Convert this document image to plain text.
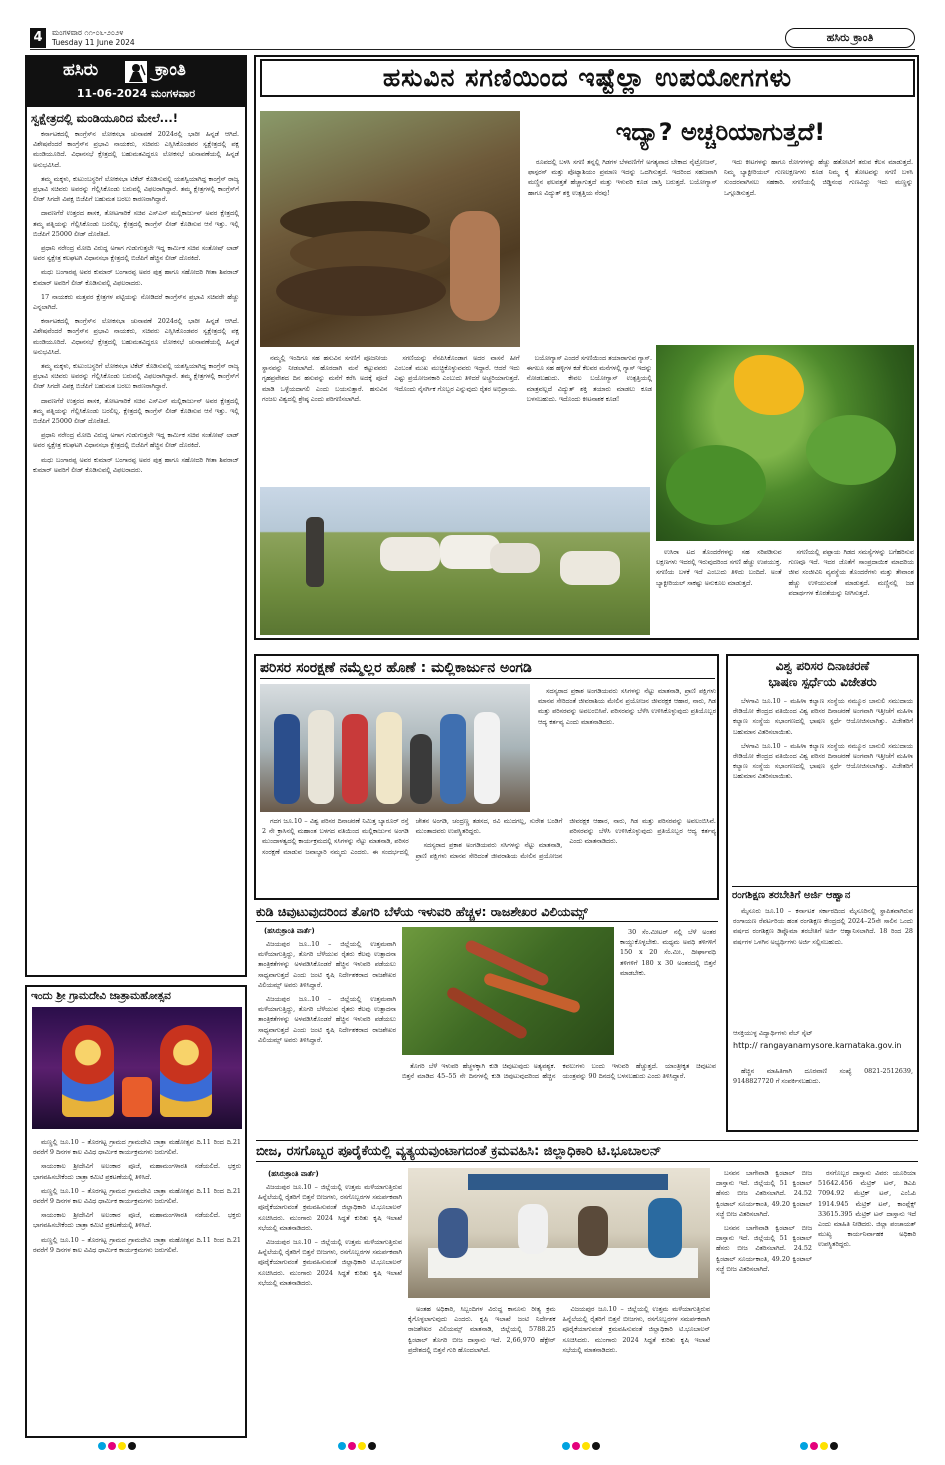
4	ಮಂಗಳವಾರ ೧೧-೦೬-೨೦೨೪
Tuesday 11 June 2024	ಹಸಿರು ಕ್ರಾಂತಿ
ಹಸಿರು	ಕ್ರಾಂತಿ
11-06-2024 ಮಂಗಳವಾರ
ಸ್ವಕ್ಷೇತ್ರದಲ್ಲಿ ಮಂಡಿಯೂರಿದ ಮೇಲೆ...!

ಕರ್ನಾಟಕದಲ್ಲಿ ಕಾಂಗ್ರೆಸ್‌ನ ಲೋಕಸಭಾ ಚುನಾವಣೆ 2024ರಲ್ಲಿ ಭಾರೀ ಹಿನ್ನಡೆ ಆಗಿದೆ. ವಿಶೇಷವೆಂದರೆ ಕಾಂಗ್ರೆಸ್‌ನ ಪ್ರಭಾವಿ ನಾಯಕರು, ಸಚಿವರು ಎಸ್ಸಿಸಿಕೊಂಡವರ ಸ್ವಕ್ಷೇತ್ರದಲ್ಲಿ ಪಕ್ಷ ಮಂಡಿಯೂರಿದೆ. ವಿಧಾನಸಭೆ ಕ್ಷೇತ್ರದಲ್ಲಿ ಬಹುಮತವಿದ್ದರೂ ಲೋಕಸಭೆ ಚುನಾವಣೆಯಲ್ಲಿ ಹಿನ್ನಡೆ ಅನುಭವಿಸಿದೆ.

ತಮ್ಮ ಮಕ್ಕಳು, ಕುಟುಂಬಸ್ಥರಿಗೆ ಲೋಕಸಭಾ ಟಿಕೆಟ್ ಕೊಡಿಸುವಲ್ಲಿ ಯಶಸ್ವಿಯಾಗಿದ್ದ ಕಾಂಗ್ರೆಸ್ ರಾಜ್ಯ ಪ್ರಭಾವಿ ಸಚಿವರು ಅವರನ್ನು ಗೆಲ್ಲಿಸಿಕೊಂಡು ಬರುವಲ್ಲಿ ವಿಫಲರಾಗಿದ್ದಾರೆ. ತಮ್ಮ ಕ್ಷೇತ್ರಗಳಲ್ಲಿ ಕಾಂಗ್ರೆಸ್‌ಗೆ ಲೀಡ್ ಸಿಗದೇ ವಿಪಕ್ಷ ಬಿಜೆಪಿಗೆ ಬಹುಮತ ಬರಲು ಕಾರಣರಾಗಿದ್ದಾರೆ.

ದಾವಣಗೆರೆ ಉತ್ತರದ ಶಾಸಕ, ತೋಟಗಾರಿಕೆ ಸಚಿವ ಎಸ್‌ಎಸ್ ಮಲ್ಲಿಕಾರ್ಜುನ್ ಅವರ ಕ್ಷೇತ್ರದಲ್ಲಿ ತಮ್ಮ ಪತ್ನಿಯನ್ನು ಗೆಲ್ಲಿಸಿಕೊಂಡು ಬರಲಿಲ್ಲ. ಕ್ಷೇತ್ರದಲ್ಲಿ ಕಾಂಗ್ರೆಸ್ ಲೀಡ್ ಕೊಡಿಸುವ ಆಸೆ ಇತ್ತು. ಇಲ್ಲಿ ಬಿಜೆಪಿಗೆ 25000 ಲೀಡ್ ದೊರೆತಿದೆ.

ಪ್ರಧಾನಿ ನರೇಂದ್ರ ಮೋದಿ ವಿರುದ್ಧ ಅಗಾಗ ಗುಡುಗುತ್ತಲೇ ಇದ್ದ ಕಾರ್ಮಿಕ ಸಚಿವ ಸಂತೋಷ್ ಲಾಡ್ ಅವರ ಸ್ವಕ್ಷೇತ್ರ ಕಲಘಟಗಿ ವಿಧಾನಸಭಾ ಕ್ಷೇತ್ರದಲ್ಲಿ ಬಿಜೆಪಿಗೆ ಹೆಚ್ಚಿನ ಲೀಡ್ ದೊರಕಿದೆ.

ಮಧು ಬಂಗಾರಪ್ಪ ಅವರ ಕುಮಾರ್ ಬಂಗಾರಪ್ಪ ಅವರ ಪುತ್ರ ಹಾಗೂ ಸಹೋದರಿ ಗೀತಾ ಶಿವರಾಜ್ ಕುಮಾರ್ ಅವರಿಗೆ ಲೀಡ್ ಕೊಡಿಸುವಲ್ಲಿ ವಿಫಲರಾದರು.

17 ನಾಯಕರು ಮತ್ತವರ ಕ್ಷೇತ್ರಗಳ ಪಟ್ಟಿಯನ್ನು ನೋಡಿದರೆ ಕಾಂಗ್ರೆಸ್‌ನ ಪ್ರಭಾವಿ ಸಚಿವರೇ ಹೆಚ್ಚು ಎನ್ನಲಾಗಿದೆ.

ಕರ್ನಾಟಕದಲ್ಲಿ ಕಾಂಗ್ರೆಸ್‌ನ ಲೋಕಸಭಾ ಚುನಾವಣೆ 2024ರಲ್ಲಿ ಭಾರೀ ಹಿನ್ನಡೆ ಆಗಿದೆ. ವಿಶೇಷವೆಂದರೆ ಕಾಂಗ್ರೆಸ್‌ನ ಪ್ರಭಾವಿ ನಾಯಕರು, ಸಚಿವರು ಎಸ್ಸಿಸಿಕೊಂಡವರ ಸ್ವಕ್ಷೇತ್ರದಲ್ಲಿ ಪಕ್ಷ ಮಂಡಿಯೂರಿದೆ. ವಿಧಾನಸಭೆ ಕ್ಷೇತ್ರದಲ್ಲಿ ಬಹುಮತವಿದ್ದರೂ ಲೋಕಸಭೆ ಚುನಾವಣೆಯಲ್ಲಿ ಹಿನ್ನಡೆ ಅನುಭವಿಸಿದೆ.

ತಮ್ಮ ಮಕ್ಕಳು, ಕುಟುಂಬಸ್ಥರಿಗೆ ಲೋಕಸಭಾ ಟಿಕೆಟ್ ಕೊಡಿಸುವಲ್ಲಿ ಯಶಸ್ವಿಯಾಗಿದ್ದ ಕಾಂಗ್ರೆಸ್ ರಾಜ್ಯ ಪ್ರಭಾವಿ ಸಚಿವರು ಅವರನ್ನು ಗೆಲ್ಲಿಸಿಕೊಂಡು ಬರುವಲ್ಲಿ ವಿಫಲರಾಗಿದ್ದಾರೆ. ತಮ್ಮ ಕ್ಷೇತ್ರಗಳಲ್ಲಿ ಕಾಂಗ್ರೆಸ್‌ಗೆ ಲೀಡ್ ಸಿಗದೇ ವಿಪಕ್ಷ ಬಿಜೆಪಿಗೆ ಬಹುಮತ ಬರಲು ಕಾರಣರಾಗಿದ್ದಾರೆ.

ದಾವಣಗೆರೆ ಉತ್ತರದ ಶಾಸಕ, ತೋಟಗಾರಿಕೆ ಸಚಿವ ಎಸ್‌ಎಸ್ ಮಲ್ಲಿಕಾರ್ಜುನ್ ಅವರ ಕ್ಷೇತ್ರದಲ್ಲಿ ತಮ್ಮ ಪತ್ನಿಯನ್ನು ಗೆಲ್ಲಿಸಿಕೊಂಡು ಬರಲಿಲ್ಲ. ಕ್ಷೇತ್ರದಲ್ಲಿ ಕಾಂಗ್ರೆಸ್ ಲೀಡ್ ಕೊಡಿಸುವ ಆಸೆ ಇತ್ತು. ಇಲ್ಲಿ ಬಿಜೆಪಿಗೆ 25000 ಲೀಡ್ ದೊರೆತಿದೆ.

ಪ್ರಧಾನಿ ನರೇಂದ್ರ ಮೋದಿ ವಿರುದ್ಧ ಅಗಾಗ ಗುಡುಗುತ್ತಲೇ ಇದ್ದ ಕಾರ್ಮಿಕ ಸಚಿವ ಸಂತೋಷ್ ಲಾಡ್ ಅವರ ಸ್ವಕ್ಷೇತ್ರ ಕಲಘಟಗಿ ವಿಧಾನಸಭಾ ಕ್ಷೇತ್ರದಲ್ಲಿ ಬಿಜೆಪಿಗೆ ಹೆಚ್ಚಿನ ಲೀಡ್ ದೊರಕಿದೆ.

ಮಧು ಬಂಗಾರಪ್ಪ ಅವರ ಕುಮಾರ್ ಬಂಗಾರಪ್ಪ ಅವರ ಪುತ್ರ ಹಾಗೂ ಸಹೋದರಿ ಗೀತಾ ಶಿವರಾಜ್ ಕುಮಾರ್ ಅವರಿಗೆ ಲೀಡ್ ಕೊಡಿಸುವಲ್ಲಿ ವಿಫಲರಾದರು.

ಇಂದು ಶ್ರೀ ಗ್ರಾಮದೇವಿ ಜಾತ್ರಾಮಹೋತ್ಸವ

ಮಣ್ಣಲ್ಲಿ ಜೂ.10 – ತೊರಗಟ್ಟ ಗ್ರಾಮದ ಗ್ರಾಮದೇವಿ ಜಾತ್ರಾ ಮಹೋತ್ಸವ ದಿ.11 ರಿಂದ ದಿ.21 ರವರೆಗೆ 9 ದಿನಗಳ ಕಾಲ ವಿವಿಧ ಧಾರ್ಮಿಕ ಕಾರ್ಯಕ್ರಮಗಳು ಜರುಗಲಿವೆ.

ಸಾಯಂಕಾಲ ಶ್ರೀದೇವಿಗೆ ಅಲಂಕಾರ ಪೂಜೆ, ಮಹಾಮಂಗಳಾರತಿ ನಡೆಯಲಿದೆ. ಭಕ್ತರು ಭಾಗವಹಿಸಬೇಕೆಂದು ಜಾತ್ರಾ ಕಮಿಟಿ ಪ್ರಕಟಣೆಯಲ್ಲಿ ತಿಳಿಸಿದೆ.

ಮಣ್ಣಲ್ಲಿ ಜೂ.10 – ತೊರಗಟ್ಟ ಗ್ರಾಮದ ಗ್ರಾಮದೇವಿ ಜಾತ್ರಾ ಮಹೋತ್ಸವ ದಿ.11 ರಿಂದ ದಿ.21 ರವರೆಗೆ 9 ದಿನಗಳ ಕಾಲ ವಿವಿಧ ಧಾರ್ಮಿಕ ಕಾರ್ಯಕ್ರಮಗಳು ಜರುಗಲಿವೆ.

ಸಾಯಂಕಾಲ ಶ್ರೀದೇವಿಗೆ ಅಲಂಕಾರ ಪೂಜೆ, ಮಹಾಮಂಗಳಾರತಿ ನಡೆಯಲಿದೆ. ಭಕ್ತರು ಭಾಗವಹಿಸಬೇಕೆಂದು ಜಾತ್ರಾ ಕಮಿಟಿ ಪ್ರಕಟಣೆಯಲ್ಲಿ ತಿಳಿಸಿದೆ.

ಮಣ್ಣಲ್ಲಿ ಜೂ.10 – ತೊರಗಟ್ಟ ಗ್ರಾಮದ ಗ್ರಾಮದೇವಿ ಜಾತ್ರಾ ಮಹೋತ್ಸವ ದಿ.11 ರಿಂದ ದಿ.21 ರವರೆಗೆ 9 ದಿನಗಳ ಕಾಲ ವಿವಿಧ ಧಾರ್ಮಿಕ ಕಾರ್ಯಕ್ರಮಗಳು ಜರುಗಲಿವೆ.

ಹಸುವಿನ ಸಗಣಿಯಿಂದ ಇಷ್ಟೆಲ್ಲಾ ಉಪಯೋಗಗಳು
ಇದ್ಯಾ? ಅಚ್ಚರಿಯಾಗುತ್ತದೆ!

ರೂಪದಲ್ಲಿ ಬಳಸಿ ಸಗಣಿ ತನ್ನಲ್ಲಿ ಗಿಡಗಳ ಬೆಳವಣಿಗೆಗೆ ಅಗತ್ಯವಾದ ಬೇಕಾದ ನೈಟ್ರೋಜನ್, ಫಾಸ್ಫರಸ್ ಮತ್ತು ಪೊಟ್ಯಾಶಿಯಂ ಪ್ರಮಾಣ ಇದನ್ನು ಒದಗಿಸುತ್ತದೆ. ಇದರಿಂದ ಸಹಜವಾಗಿ ಮಣ್ಣಿನ ಫಲವತ್ತತೆ ಹೆಚ್ಚಾಗುತ್ತದೆ ಮತ್ತು ಇಳುವರಿ ಕೂಡ ಜಾಸ್ತಿ ಬರುತ್ತದೆ. ಬಯೋಗ್ಯಾಸ್ ಹಾಗೂ ವಿದ್ಯುತ್ ಶಕ್ತಿ ಉತ್ಪತ್ತಿಯ ನೆರವು!

ಇದು ಕೀಟಗಳನ್ನು ಹಾಗೂ ರೋಗಗಳನ್ನು ಹೆಚ್ಚು ಹತೋಟಿಗೆ ತರುವ ಕೆಲಸ ಮಾಡುತ್ತದೆ. ನಿಮ್ಮ ಬ್ಯಾಕ್ಟೀರಿಯಲ್ ಗುಣಲಕ್ಷಣಗಳು ಕೂಡ ನಿಮ್ಮ ಕೈ ತೋಟವನ್ನು ಸಗಣಿ ಬಳಸಿ ಸುಂದರವಾಗಿಸಲು ಸಹಕಾರಿ. ಸಗಣಿಯಲ್ಲಿ ಜಿಡ್ಡಿನಂಥ ಗುಣವಿದ್ದು ಇದು ಮಣ್ಣನ್ನು ಒಗ್ಗೂಡಿಸುತ್ತದೆ.

ನಮ್ಮಲ್ಲಿ ಇಂದಿಗೂ ಸಹ ಹಸುವಿನ ಸಗಣಿಗೆ ಪೂಜನೀಯ ಸ್ಥಾನವನ್ನು ನೀಡಲಾಗಿದೆ. ಹೊರದಾಗಿ ಮನೆ ಕಟ್ಟುವವರು ಗೃಹಪ್ರವೇಶದ ದಿನ ಹಸುವನ್ನು ಮನೆಗೆ ಕರೆಸಿ ಅದಕ್ಕೆ ಪೂಜೆ ಮಾಡಿ ಒಳ್ಳೆಯದಾಗಲಿ ಎಂದು ಬಯಸುತ್ತಾರೆ. ಹಸುವಿನ ಗಂಜಲ ವಿಶ್ವದಲ್ಲಿ ಶ್ರೇಷ್ಠ ಎಂದು ಪರಿಗಣಿಸಲಾಗಿದೆ.

ಸಗಣಿಯನ್ನು ನೆನಪಿಸಿಕೊಂಡಾಗ ಅದರ ವಾಸನೆ ಹೀಗೆ ಎಂಬಂತೆ ಮುಖ ಮುಚ್ಚಿಕೊಳ್ಳುವವರು ಇದ್ದಾರೆ. ಆದರೆ ಇದು ಎಷ್ಟು ಪ್ರಯೋಜನಕಾರಿ ಎಂಬುದು ತಿಳಿದರೆ ಅಚ್ಚರಿಯಾಗುತ್ತದೆ. ಇದೊಂದು ನೈಸರ್ಗಿಕ ಗೊಬ್ಬರ ಎನ್ನುವುದು ರೈತರ ಅಭಿಪ್ರಾಯ.

ಬಯೋಗ್ಯಾಸ್ ಎಂದರೆ ಸಗಣಿಯಿಂದ ತಯಾರಾಗುವ ಗ್ಯಾಸ್. ಈಗಲೂ ಸಹ ಹಳ್ಳಿಗಳ ಕಡೆ ಕೆಲವರ ಮನೆಗಳಲ್ಲಿ ಗ್ಯಾಸ್ ಇದನ್ನು ನೋಡಬಹುದು. ಕೇವಲ ಬಯೋಗ್ಯಾಸ್ ಉತ್ಪತ್ತಿಯಲ್ಲಿ ಮಾತ್ರವಲ್ಲದೆ ವಿದ್ಯುತ್ ಶಕ್ತಿ ತಯಾರು ಮಾಡಲು ಕೂಡ ಬಳಸಬಹುದು. ಇದೊಂದು ಕೀಟನಾಶಕ ಕೂಡ!

ಉಸಿರಾ ಟದ ತೊಂದರೆಗಳನ್ನು ಸಹ ಸರಿಪಡಿಸುವ ಲಕ್ಷಣಗಳು ಇದರಲ್ಲಿ ಇರುವುದರಿಂದ ಸಗಣಿ ಹೆಚ್ಚು ಉಪಯುಕ್ತ. ಸಗಣಿಯ ಬಳಕೆ ಇದೆ ಎಂಬುದು ತಿಳಿದು ಬಂದಿದೆ. ಅಂತೆ ಬ್ಯಾಕ್ಟೀರಿಯಲ್ ಸಾಕಷ್ಟು ಅನುಕೂಲ ಮಾಡುತ್ತದೆ.

ಸಗಣಿಯಲ್ಲಿ ಪಪ್ಪಾಯ ಗಿಡದ ಸಮಸ್ಯೆಗಳನ್ನು ಬಗೆಹರಿಸುವ ಗುಣವೂ ಇದೆ. ಇದರ ಜೊತೆಗೆ ಸಾಂಪ್ರದಾಯಿಕ ಮಾದರಿಯ ಜೀವ ಸಂಜೀವಿನಿ ವ್ಯವಸ್ಥೆಯ ತೊಂದರೆಗಳು ಮತ್ತು ತೇವಾಂಶ ಹೆಚ್ಚು ಉಳಿಯುವಂತೆ ಮಾಡುತ್ತದೆ. ಮಣ್ಣಿನಲ್ಲಿ ಜಡ ಪದಾರ್ಥಗಳ ಕೊರತೆಯನ್ನು ನೀಗಿಸುತ್ತದೆ.

ಪರಿಸರ ಸಂರಕ್ಷಣೆ ನಮ್ಮೆಲ್ಲರ ಹೊಣೆ : ಮಲ್ಲಿಕಾರ್ಜುನ ಅಂಗಡಿ

ಸದಸ್ಯರಾದ ಪ್ರಕಾಶ ಅಂಗಡಿಯವರು ಸಸಿಗಳನ್ನು ನೆಟ್ಟು ಮಾತನಾಡಿ, ಪ್ರಾಣಿ ಪಕ್ಷಿಗಳು ಮಾನವ ಸೇರಿದಂತೆ ಜೀವರಾಶಿಯ ಮೇಲಿನ ಪ್ರಯೋಜನ ಜೀವರಕ್ಷಕ ಆಹಾರ, ನಾರು, ಗಿಡ ಮತ್ತು ಪರಿಸರವನ್ನು ಅವಲಂಬಿಸಿವೆ. ಪರಿಸರವನ್ನು ಬೆಳೆಸಿ ಉಳಿಸಿಕೊಳ್ಳುವುದು ಪ್ರತಿಯೊಬ್ಬರ ಆದ್ಯ ಕರ್ತವ್ಯ ಎಂದು ಮಾತನಾಡಿದರು.

ಗದಗ ಜೂ.10 – ವಿಶ್ವ ಪರಿಸರ ದಿನಾಚರಣೆ ನಿಮಿತ್ತ ಬ್ಯಾರೂರ್ ರಸ್ತೆ 2 ನೇ ಕ್ರಾಸಿನಲ್ಲಿ ಮಹಾಂತ ಬಳಗದ ವತಿಯಿಂದ ಮಲ್ಲಿಕಾರ್ಜುನ ಅಂಗಡಿ ಮುಂದಾಳತ್ವದಲ್ಲಿ ಕಾರ್ಯಕ್ರಮದಲ್ಲಿ ಸಸಿಗಳನ್ನು ನೆಟ್ಟು ಮಾತನಾಡಿ, ಪರಿಸರ ಸಂರಕ್ಷಣೆ ಮಾಡುವ ಜವಾಬ್ದಾರಿ ನಮ್ಮದು ಎಂದರು. ಈ ಸಂದರ್ಭದಲ್ಲಿ ಚೇತನ ಅಂಗಡಿ, ಚಂದ್ರಣ್ಣ ತಡಸದ, ರವಿ ಮುದಗಲ್ಲ, ಸುರೇಶ ಬಂಡಿಗೆ ಮುಂತಾದವರು ಉಪಸ್ಥಿತರಿದ್ದರು.

ಸದಸ್ಯರಾದ ಪ್ರಕಾಶ ಅಂಗಡಿಯವರು ಸಸಿಗಳನ್ನು ನೆಟ್ಟು ಮಾತನಾಡಿ, ಪ್ರಾಣಿ ಪಕ್ಷಿಗಳು ಮಾನವ ಸೇರಿದಂತೆ ಜೀವರಾಶಿಯ ಮೇಲಿನ ಪ್ರಯೋಜನ ಜೀವರಕ್ಷಕ ಆಹಾರ, ನಾರು, ಗಿಡ ಮತ್ತು ಪರಿಸರವನ್ನು ಅವಲಂಬಿಸಿವೆ. ಪರಿಸರವನ್ನು ಬೆಳೆಸಿ ಉಳಿಸಿಕೊಳ್ಳುವುದು ಪ್ರತಿಯೊಬ್ಬರ ಆದ್ಯ ಕರ್ತವ್ಯ ಎಂದು ಮಾತನಾಡಿದರು.

ವಿಶ್ವ ಪರಿಸರ ದಿನಾಚರಣೆ
ಭಾಷಣ ಸ್ಪರ್ಧೆಯ ವಿಜೇತರು

ಬೆಳಗಾವಿ ಜೂ.10 – ಮಹಿಳಾ ಕಲ್ಯಾಣ ಸಂಸ್ಥೆಯ ನಮ್ಮೂರ ಬಾನುಲಿ ಸಮುದಾಯ ರೇಡಿಯೋ ಕೇಂದ್ರದ ವತಿಯಿಂದ ವಿಶ್ವ ಪರಿಸರ ದಿನಾಚರಣೆ ಅಂಗವಾಗಿ ಇತ್ತೀಚೆಗೆ ಮಹಿಳಾ ಕಲ್ಯಾಣ ಸಂಸ್ಥೆಯ ಸಭಾಂಗಣದಲ್ಲಿ ಭಾಷಣ ಸ್ಪರ್ಧೆ ಆಯೋಜಿಸಲಾಗಿತ್ತು. ವಿಜೇತರಿಗೆ ಬಹುಮಾನ ವಿತರಿಸಲಾಯಿತು.

ಬೆಳಗಾವಿ ಜೂ.10 – ಮಹಿಳಾ ಕಲ್ಯಾಣ ಸಂಸ್ಥೆಯ ನಮ್ಮೂರ ಬಾನುಲಿ ಸಮುದಾಯ ರೇಡಿಯೋ ಕೇಂದ್ರದ ವತಿಯಿಂದ ವಿಶ್ವ ಪರಿಸರ ದಿನಾಚರಣೆ ಅಂಗವಾಗಿ ಇತ್ತೀಚೆಗೆ ಮಹಿಳಾ ಕಲ್ಯಾಣ ಸಂಸ್ಥೆಯ ಸಭಾಂಗಣದಲ್ಲಿ ಭಾಷಣ ಸ್ಪರ್ಧೆ ಆಯೋಜಿಸಲಾಗಿತ್ತು. ವಿಜೇತರಿಗೆ ಬಹುಮಾನ ವಿತರಿಸಲಾಯಿತು.

ರಂಗಶಿಕ್ಷಣ ತರಬೇತಿಗೆ ಅರ್ಜಿ ಆಹ್ವಾನ

ಮೈಸೂರು ಜೂ.10 – ಕರ್ನಾಟಕ ಸರ್ಕಾರದಿಂದ ಮೈಸೂರಿನಲ್ಲಿ ಸ್ಥಾಪಿತವಾಗಿರುವ ರಂಗಾಯಣ ರೆಪರ್ಟರಿಯ ಹಂತ ರಂಗಶಿಕ್ಷಣ ಕೇಂದ್ರದಲ್ಲಿ 2024–25ನೇ ಸಾಲಿನ ಒಂದು ವರ್ಷದ ರಂಗಶಿಕ್ಷಣ ಡಿಪ್ಲೊಮಾ ತರಬೇತಿಗೆ ಅರ್ಜಿ ಆಹ್ವಾನಿಸಲಾಗಿದೆ. 18 ರಿಂದ 28 ವರ್ಷಗಳ ಒಳಗಿನ ಅಭ್ಯರ್ಥಿಗಳು ಅರ್ಜಿ ಸಲ್ಲಿಸಬಹುದು.

ಆಸಕ್ತಿಯುಳ್ಳ ವಿದ್ಯಾರ್ಥಿಗಳು ವೆಬ್ ಸೈಟ್
http:// rangayanamysore.karnataka.gov.in

ಹೆಚ್ಚಿನ ಮಾಹಿತಿಗಾಗಿ ದೂರವಾಣಿ ಸಂಖ್ಯೆ 0821-2512639, 9148827720 ಗೆ ಸಂಪರ್ಕಿಸಬಹುದು.

ಕುಡಿ ಚಿವುಟುವುದರಿಂದ ತೊಗರಿ ಬೆಳೆಯ ಇಳುವರಿ ಹೆಚ್ಚಳ: ರಾಜಶೇಖರ ವಿಲಿಯಮ್ಸ್
(ಹಸಿರುಕ್ರಾಂತಿ ವಾರ್ತೆ)

ವಿಜಯಪುರ ಜೂ..10 – ಜಿಲ್ಲೆಯಲ್ಲಿ ಉತ್ತಮವಾಗಿ ಮಳೆಯಾಗುತ್ತಿದ್ದು, ತೊಗರಿ ಬೆಳೆಯುವ ರೈತರು ಕೆಲವು ಉತ್ಪಾದನಾ ತಾಂತ್ರಿಕತೆಗಳನ್ನು ಅಳವಡಿಸಿಕೊಂಡರೆ ಹೆಚ್ಚಿನ ಇಳುವರಿ ಪಡೆಯಲು ಸಾಧ್ಯವಾಗುತ್ತದೆ ಎಂದು ಜಂಟಿ ಕೃಷಿ ನಿರ್ದೇಶಕರಾದ ರಾಜಶೇಖರ ವಿಲಿಯಮ್ಸ್ ಅವರು ತಿಳಿಸಿದ್ದಾರೆ.

ವಿಜಯಪುರ ಜೂ..10 – ಜಿಲ್ಲೆಯಲ್ಲಿ ಉತ್ತಮವಾಗಿ ಮಳೆಯಾಗುತ್ತಿದ್ದು, ತೊಗರಿ ಬೆಳೆಯುವ ರೈತರು ಕೆಲವು ಉತ್ಪಾದನಾ ತಾಂತ್ರಿಕತೆಗಳನ್ನು ಅಳವಡಿಸಿಕೊಂಡರೆ ಹೆಚ್ಚಿನ ಇಳುವರಿ ಪಡೆಯಲು ಸಾಧ್ಯವಾಗುತ್ತದೆ ಎಂದು ಜಂಟಿ ಕೃಷಿ ನಿರ್ದೇಶಕರಾದ ರಾಜಶೇಖರ ವಿಲಿಯಮ್ಸ್ ಅವರು ತಿಳಿಸಿದ್ದಾರೆ.

30 ಸೆಂ.ಮೀಟರ್ ನಲ್ಲಿ ಬೆಳೆ ಅಂತರ ಕಾಯ್ದುಕೊಳ್ಳಬೇಕು. ಮಧ್ಯಮ ಅವಧಿ ತಳಿಗಳಿಗೆ 150 x 20 ಸೆಂ.ಮೀ., ದೀರ್ಘಾವಧಿ ತಳಿಗಳಿಗೆ 180 x 30 ಅಂತರದಲ್ಲಿ ಬಿತ್ತನೆ ಮಾಡಬೇಕು.

ತೊಗರಿ ಬೆಳೆ ಇಳುವರಿ ಹೆಚ್ಚಳಕ್ಕಾಗಿ ಕುಡಿ ಚಿವುಟುವುದು ಅತ್ಯವಶ್ಯಕ. ಬಿತ್ತನೆ ಮಾಡಿದ 45–55 ನೇ ದಿನಗಳಲ್ಲಿ ಕುಡಿ ಚಿವುಟುವುದರಿಂದ ಹೆಚ್ಚಿನ ಕವಲುಗಳು ಬಂದು ಇಳುವರಿ ಹೆಚ್ಚುತ್ತದೆ. ಯಾಂತ್ರೀಕೃತ ಚಿವುಟುವ ಯಂತ್ರವನ್ನು 90 ದಿನದಲ್ಲಿ ಬಳಸಬಹುದು ಎಂದು ತಿಳಿಸಿದ್ದಾರೆ.

ಬೀಜ, ರಸಗೊಬ್ಬರ ಪೂರೈಕೆಯಲ್ಲಿ ವ್ಯತ್ಯಯವುಂಟಾಗದಂತೆ ಕ್ರಮವಹಿಸಿ: ಜಿಲ್ಲಾಧಿಕಾರಿ ಟಿ.ಭೂಬಾಲನ್
(ಹಸಿರುಕ್ರಾಂತಿ ವಾರ್ತೆ)

ವಿಜಯಪುರ ಜೂ.10 – ಜಿಲ್ಲೆಯಲ್ಲಿ ಉತ್ತಮ ಮಳೆಯಾಗುತ್ತಿರುವ ಹಿನ್ನೆಲೆಯಲ್ಲಿ ರೈತರಿಗೆ ಬಿತ್ತನೆ ಬೀಜಗಳು, ರಸಗೊಬ್ಬರಗಳ ಸಮರ್ಪಕವಾಗಿ ಪೂರೈಕೆಯಾಗುವಂತೆ ಕ್ರಮವಹಿಸುವಂತೆ ಜಿಲ್ಲಾಧಿಕಾರಿ ಟಿ.ಭೂಬಾಲನ್ ಸೂಚಿಸಿದರು. ಮುಂಗಾರು 2024 ಸಿದ್ಧತೆ ಕುರಿತು ಕೃಷಿ ಇಲಾಖೆ ಸಭೆಯಲ್ಲಿ ಮಾತನಾಡಿದರು.

ವಿಜಯಪುರ ಜೂ.10 – ಜಿಲ್ಲೆಯಲ್ಲಿ ಉತ್ತಮ ಮಳೆಯಾಗುತ್ತಿರುವ ಹಿನ್ನೆಲೆಯಲ್ಲಿ ರೈತರಿಗೆ ಬಿತ್ತನೆ ಬೀಜಗಳು, ರಸಗೊಬ್ಬರಗಳ ಸಮರ್ಪಕವಾಗಿ ಪೂರೈಕೆಯಾಗುವಂತೆ ಕ್ರಮವಹಿಸುವಂತೆ ಜಿಲ್ಲಾಧಿಕಾರಿ ಟಿ.ಭೂಬಾಲನ್ ಸೂಚಿಸಿದರು. ಮುಂಗಾರು 2024 ಸಿದ್ಧತೆ ಕುರಿತು ಕೃಷಿ ಇಲಾಖೆ ಸಭೆಯಲ್ಲಿ ಮಾತನಾಡಿದರು.

ಬಸವನ ಬಾಗೇವಾಡಿ ಕ್ವಿಂಟಾಲ್ ಬೀಜ ದಾಸ್ತಾನು ಇದೆ. ಜಿಲ್ಲೆಯಲ್ಲಿ 51 ಕ್ವಿಂಟಾಲ್ ಹೆಸರು ಬೀಜ ವಿತರಿಸಲಾಗಿದೆ. 24.52 ಕ್ವಿಂಟಾಲ್ ಸೂರ್ಯಕಾಂತಿ, 49.20 ಕ್ವಿಂಟಾಲ್ ಸಜ್ಜೆ ಬೀಜ ವಿತರಿಸಲಾಗಿದೆ.

ಬಸವನ ಬಾಗೇವಾಡಿ ಕ್ವಿಂಟಾಲ್ ಬೀಜ ದಾಸ್ತಾನು ಇದೆ. ಜಿಲ್ಲೆಯಲ್ಲಿ 51 ಕ್ವಿಂಟಾಲ್ ಹೆಸರು ಬೀಜ ವಿತರಿಸಲಾಗಿದೆ. 24.52 ಕ್ವಿಂಟಾಲ್ ಸೂರ್ಯಕಾಂತಿ, 49.20 ಕ್ವಿಂಟಾಲ್ ಸಜ್ಜೆ ಬೀಜ ವಿತರಿಸಲಾಗಿದೆ.

ರಸಗೊಬ್ಬರ ದಾಸ್ತಾನು ವಿವರ: ಯೂರಿಯಾ 51642.456 ಮೆಟ್ರಿಕ್ ಟನ್, ಡಿಎಪಿ 7094.92 ಮೆಟ್ರಿಕ್ ಟನ್, ಎಂಓಪಿ 1914.945 ಮೆಟ್ರಿಕ್ ಟನ್, ಕಾಂಪ್ಲೆಕ್ಸ್ 33615.395 ಮೆಟ್ರಿಕ್ ಟನ್ ದಾಸ್ತಾನು ಇದೆ ಎಂದು ಮಾಹಿತಿ ನೀಡಿದರು. ಜಿಲ್ಲಾ ಪಂಚಾಯತ್ ಮುಖ್ಯ ಕಾರ್ಯನಿರ್ವಾಹಕ ಅಧಿಕಾರಿ ಉಪಸ್ಥಿತರಿದ್ದರು.

ಅಂತಹ ಅಧಿಕಾರಿ, ಸಿಬ್ಬಂದಿಗಳ ವಿರುದ್ಧ ಕಾನೂನು ರೀತ್ಯ ಕ್ರಮ ಕೈಗೊಳ್ಳಲಾಗುವುದು ಎಂದರು. ಕೃಷಿ ಇಲಾಖೆ ಜಂಟಿ ನಿರ್ದೇಶಕ ರಾಜಶೇಖರ ವಿಲಿಯಮ್ಸ್ ಮಾತನಾಡಿ, ಜಿಲ್ಲೆಯಲ್ಲಿ 5788.25 ಕ್ವಿಂಟಾಲ್ ತೊಗರಿ ಬೀಜ ದಾಸ್ತಾನು ಇದೆ. 2,66,970 ಹೆಕ್ಟೇರ್ ಪ್ರದೇಶದಲ್ಲಿ ಬಿತ್ತನೆ ಗುರಿ ಹೊಂದಲಾಗಿದೆ.

ವಿಜಯಪುರ ಜೂ.10 – ಜಿಲ್ಲೆಯಲ್ಲಿ ಉತ್ತಮ ಮಳೆಯಾಗುತ್ತಿರುವ ಹಿನ್ನೆಲೆಯಲ್ಲಿ ರೈತರಿಗೆ ಬಿತ್ತನೆ ಬೀಜಗಳು, ರಸಗೊಬ್ಬರಗಳ ಸಮರ್ಪಕವಾಗಿ ಪೂರೈಕೆಯಾಗುವಂತೆ ಕ್ರಮವಹಿಸುವಂತೆ ಜಿಲ್ಲಾಧಿಕಾರಿ ಟಿ.ಭೂಬಾಲನ್ ಸೂಚಿಸಿದರು. ಮುಂಗಾರು 2024 ಸಿದ್ಧತೆ ಕುರಿತು ಕೃಷಿ ಇಲಾಖೆ ಸಭೆಯಲ್ಲಿ ಮಾತನಾಡಿದರು.
